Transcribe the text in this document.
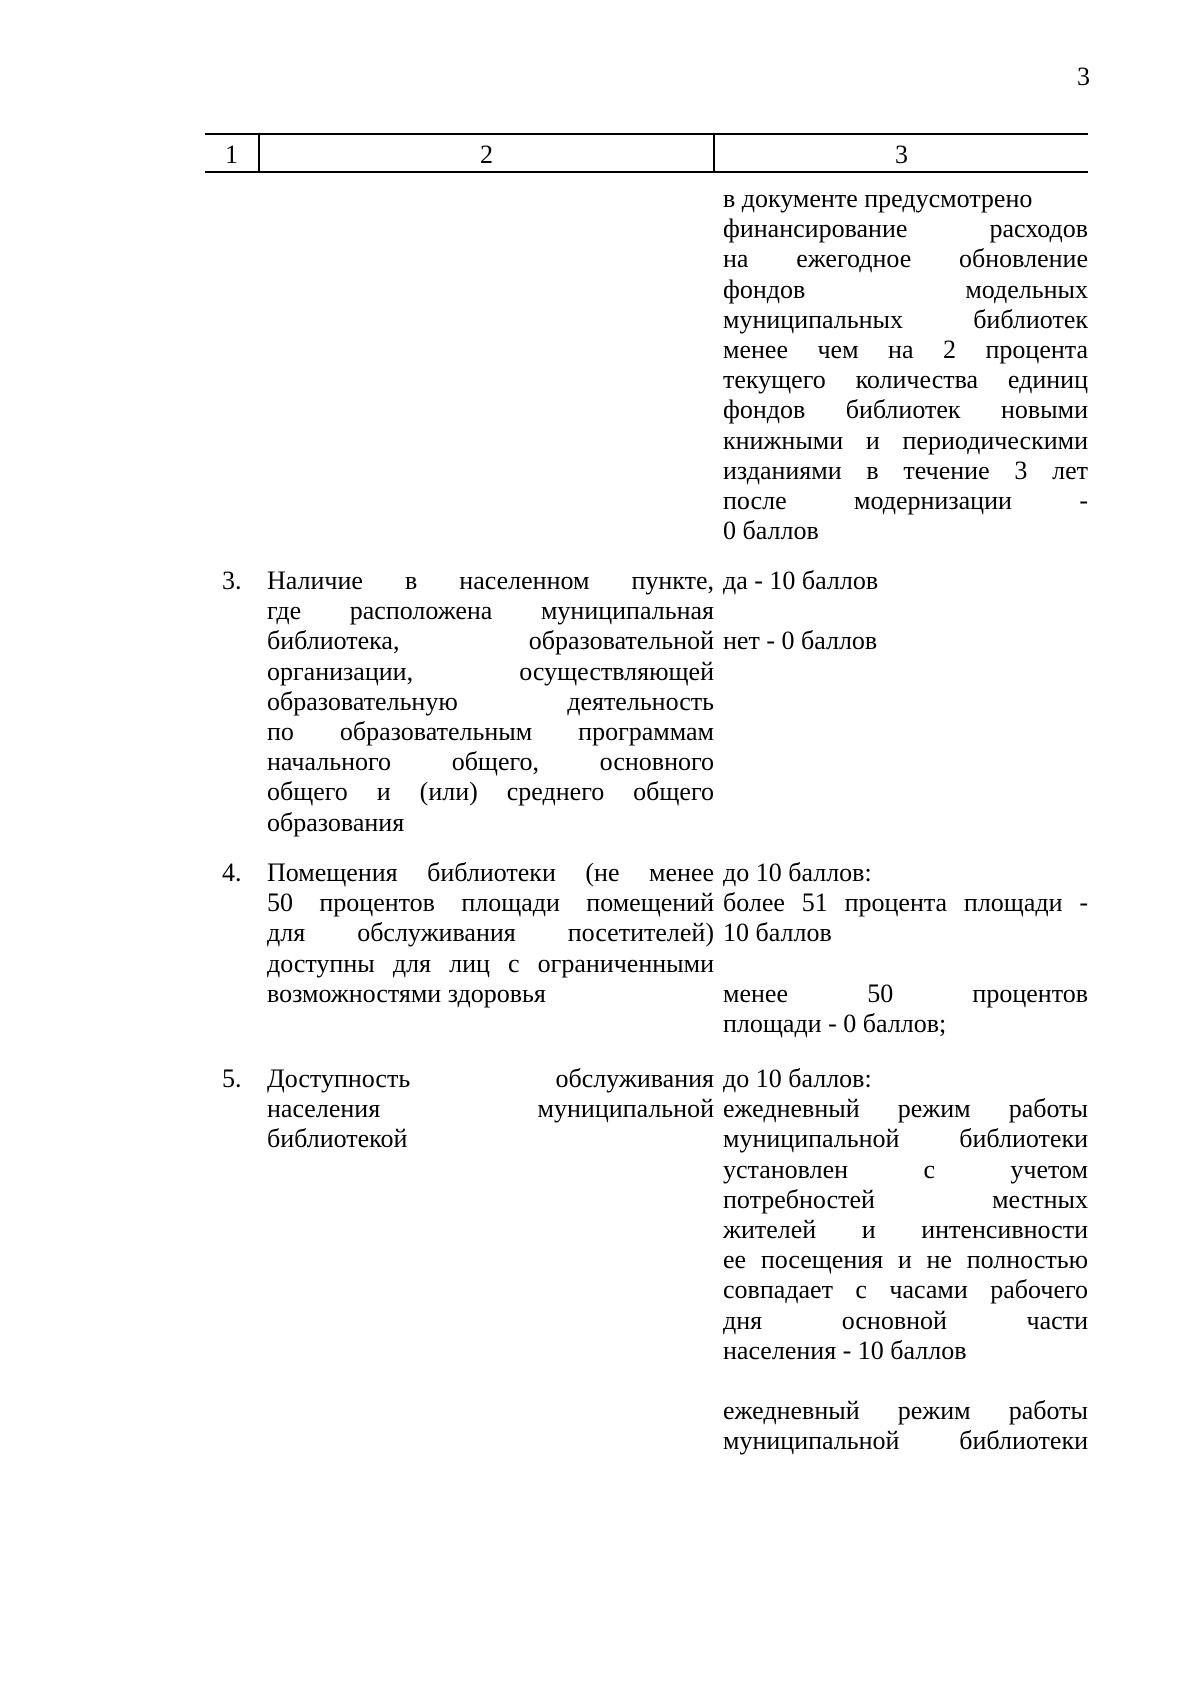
3
1	2	3
в документе предусмотрено
финансирование расходов
на ежегодное обновление
фондов модельных
муниципальных библиотек
менее чем на 2 процента
текущего количества единиц
фондов библиотек новыми
книжными и периодическими
изданиями в течение 3 лет
после модернизации -
0 баллов
3. Наличие в населенном пункте,
где расположена муниципальная
библиотека, образовательной
организации, осуществляющей
образовательную деятельность
по образовательным программам
начального общего, основного
общего и (или) среднего общего
образования
да - 10 баллов
нет - 0 баллов
4. Помещения библиотеки (не менее
50 процентов площади помещений
для обслуживания посетителей)
доступны для лиц с ограниченными
возможностями здоровья
до 10 баллов:
более 51 процента площади -
10 баллов
менее 50 процентов
площади - 0 баллов;
5. Доступность обслуживания
населения муниципальной
библиотекой
до 10 баллов:
ежедневный режим работы
муниципальной библиотеки
установлен с учетом
потребностей местных
жителей и интенсивности
ее посещения и не полностью
совпадает с часами рабочего
дня основной части
населения - 10 баллов
ежедневный режим работы
муниципальной библиотеки
